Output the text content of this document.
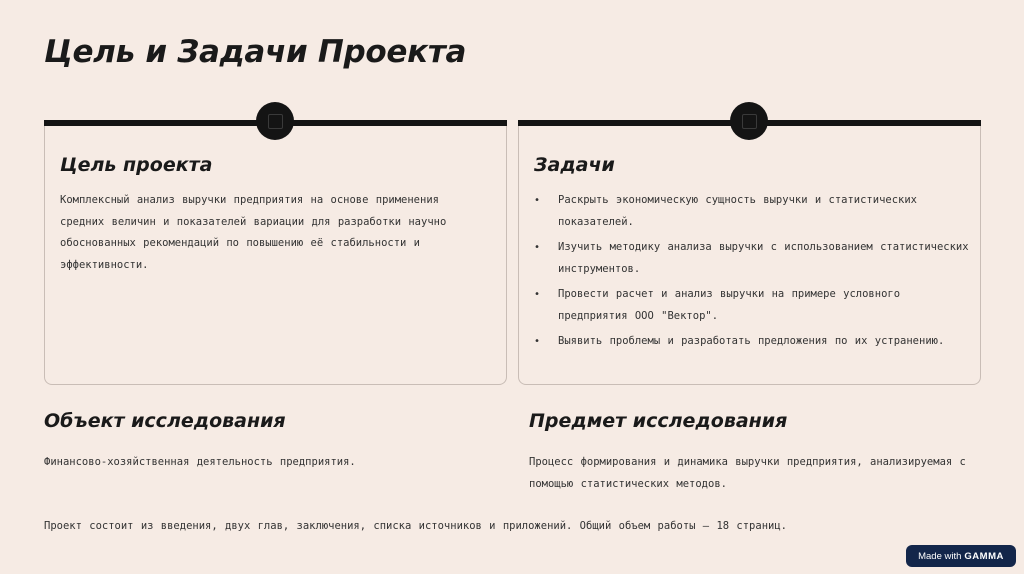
Цель и Задачи Проекта
Цель проекта
Комплексный анализ выручки предприятия на основе применения средних величин и показателей вариации для разработки научно обоснованных рекомендаций по повышению её стабильности и эффективности.
Задачи
• Раскрыть экономическую сущность выручки и статистических показателей.
• Изучить методику анализа выручки с использованием статистических инструментов.
• Провести расчет и анализ выручки на примере условного предприятия ООО "Вектор".
• Выявить проблемы и разработать предложения по их устранению.
Объект исследования
Финансово-хозяйственная деятельность предприятия.
Предмет исследования
Процесс формирования и динамика выручки предприятия, анализируемая с помощью статистических методов.
Проект состоит из введения, двух глав, заключения, списка источников и приложений. Общий объем работы — 18 страниц.
Made with GAMMA
